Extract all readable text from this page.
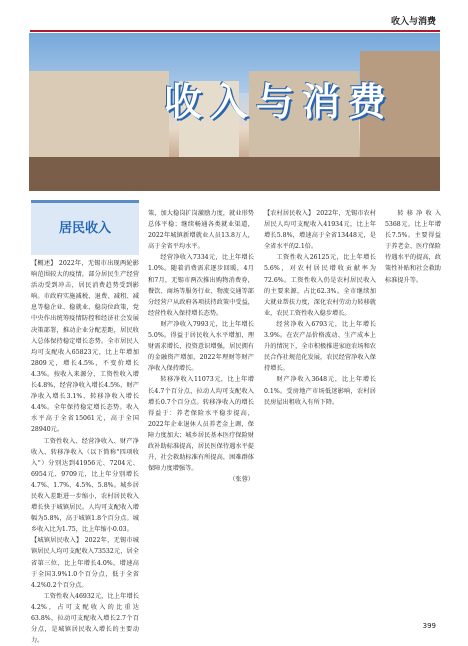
收入与消费
收入与消费
居民收入

【概述】 2022年，无锡市出现两轮影响范围较大的疫情，部分居民生产经营活动受到冲击，居民消费趋势受到影响。市政府实施减税、退费、减租、减息等稳企业、稳就业、稳岗位政策，党中央作出统筹疫情防控和经济社会发展决策部署，推动企业分配差距，居民收入总体保持稳定增长态势。全市居民人均可支配收入65823元，比上年增加2809元，增长4.5%，不变价增长4.3%。按收入来源分，工资性收入增长4.8%，经营净收入增长4.5%，财产净收入增长3.1%，转移净收入增长4.4%。全年保持稳定增长态势。收入水平高于全省15061元，高于全国28940元。

工资性收入、经营净收入、财产净收入、转移净收入（以下简称"四项收入"）分别达到41956元、7204元、6954元、9709元，比上年分别增长4.7%、1.7%、4.5%、5.8%。城乡居民收入差距进一步缩小，农村居民收入增长快于城镇居民。人均可支配收入增幅为5.8%，高于城镇1.8个百分点。城乡收入比为1.75，比上年缩小0.03。

【城镇居民收入】 2022年，无锡市城镇居民人均可支配收入73532元，居全省第三位，比上年增长4.0%，增速高于全国3.9%1.0个百分点，低于全省4.2%0.2个百分点。

工资性收入46932元，比上年增长4.2%，占可支配收入的比重达63.8%，拉动可支配收入增长2.7个百分点，是城镇居民收入增长的主要动力。

策，加大稳岗扩岗激励力度，就业形势总体平稳；继续畅通各类就业渠道，2022年城镇新增就业人员13.8万人，高于全省平均水平。

经营净收入7334元，比上年增长1.0%。随着消费需求逐步回暖，4月和7月，无锡市两次推出购物消费券，餐饮、商场等服务行业、物流交通等部分经营户从政府各项扶持政策中受益，经营性收入保持增长态势。

财产净收入7993元，比上年增长5.0%。得益于居民收入水平增加，理财需求增长，投资意识增强，居民拥有的金融资产增加，2022年理财等财产净收入保持增长。

转移净收入11073元，比上年增长4.7个百分点，拉动人均可支配收入增长0.7个百分点。转移净收入的增长得益于：养老保险水平稳步提高，2022年企业退休人员养老金上调，保障力度加大；城乡居民基本医疗保险财政补助标准提高，居民医保待遇水平提升，社会救助标准有所提高，困难群体保障力度增强等。

（张蓉）

【农村居民收入】 2022年，无锡市农村居民人均可支配收入41934元，比上年增长5.8%，增速高于全省13448元，是全省水平的2.1倍。

工资性收入26125元，比上年增长5.6%，对农村居民增收贡献率为72.6%。工资性收入仍是农村居民收入的主要来源，占比62.3%。全市继续加大就业帮扶力度，深化农村劳动力转移就业，农民工资性收入稳步增长。

经营净收入6793元，比上年增长3.9%。在农产品价格波动、生产成本上升的情况下，全市积极推进家庭农场和农民合作社规范化发展，农民经营净收入保持增长。

财产净收入3648元，比上年增长0.1%。受房地产市场低迷影响，农村居民房屋出租收入有所下降。

转移净收入5368元，比上年增长7.5%。主要得益于养老金、医疗保险待遇水平的提高，政策性补贴和社会救助标准提升等。

399
